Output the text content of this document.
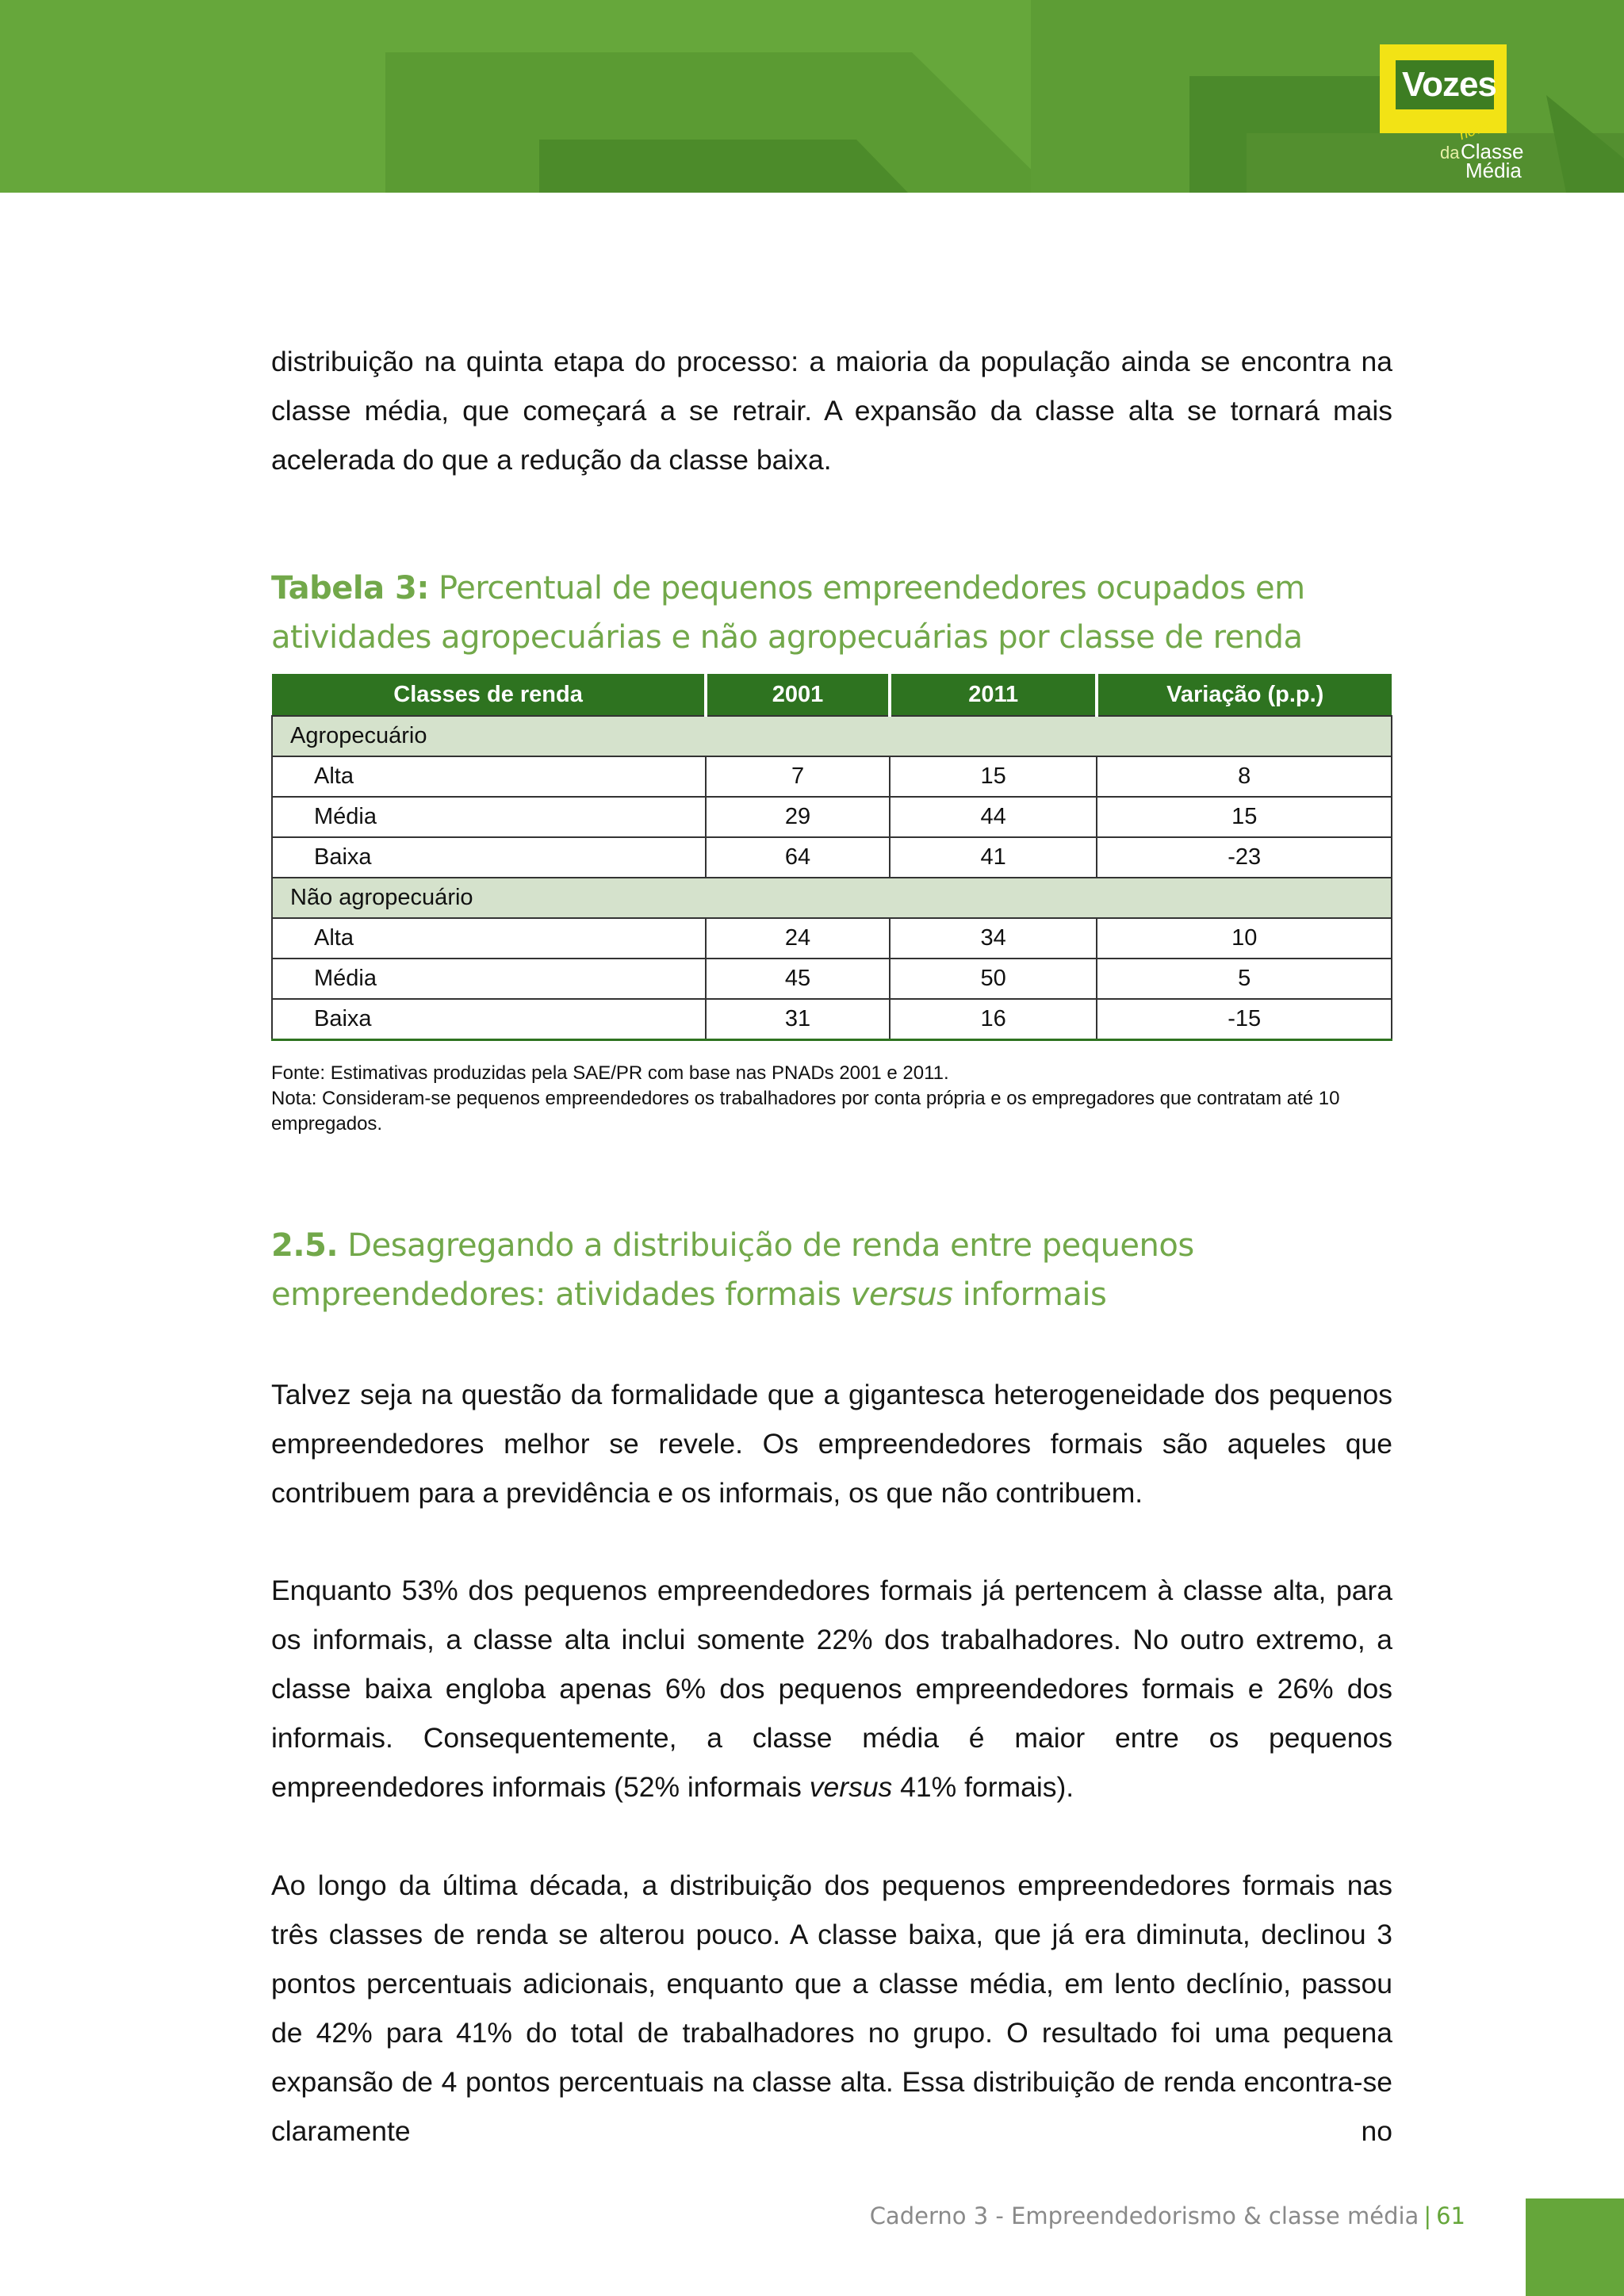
Vozes
nova
da Classe
Média

distribuição na quinta etapa do processo: a maioria da população ainda se encontra na classe média, que começará a se retrair. A expansão da classe alta se tornará mais acelerada do que a redução da classe baixa.

Tabela 3: Percentual de pequenos empreendedores ocupados em atividades agropecuárias e não agropecuárias por classe de renda

Classes de renda	2001	2011	Variação (p.p.)
Agropecuário			
Alta	7	15	8
Média	29	44	15
Baixa	64	41	-23
Não agropecuário			
Alta	24	34	10
Média	45	50	5
Baixa	31	16	-15

Fonte: Estimativas produzidas pela SAE/PR com base nas PNADs 2001 e 2011.

Nota: Consideram-se pequenos empreendedores os trabalhadores por conta própria e os empregadores que contratam até 10 empregados.

2.5. Desagregando a distribuição de renda entre pequenos empreendedores: atividades formais versus informais

Talvez seja na questão da formalidade que a gigantesca heterogeneidade dos pequenos empreendedores melhor se revele. Os empreendedores formais são aqueles que contribuem para a previdência e os informais, os que não contribuem.

Enquanto 53% dos pequenos empreendedores formais já pertencem à classe alta, para os informais, a classe alta inclui somente 22% dos trabalhadores. No outro extremo, a classe baixa engloba apenas 6% dos pequenos empreendedores formais e 26% dos informais. Consequentemente, a classe média é maior entre os pequenos empreendedores informais (52% informais versus 41% formais).

Ao longo da última década, a distribuição dos pequenos empreendedores formais nas três classes de renda se alterou pouco. A classe baixa, que já era diminuta, declinou 3 pontos percentuais adicionais, enquanto que a classe média, em lento declínio, passou de 42% para 41% do total de trabalhadores no grupo. O resultado foi uma pequena expansão de 4 pontos percentuais na classe alta. Essa distribuição de renda encontra-se claramente no

Caderno 3 - Empreendedorismo & classe média | 61
